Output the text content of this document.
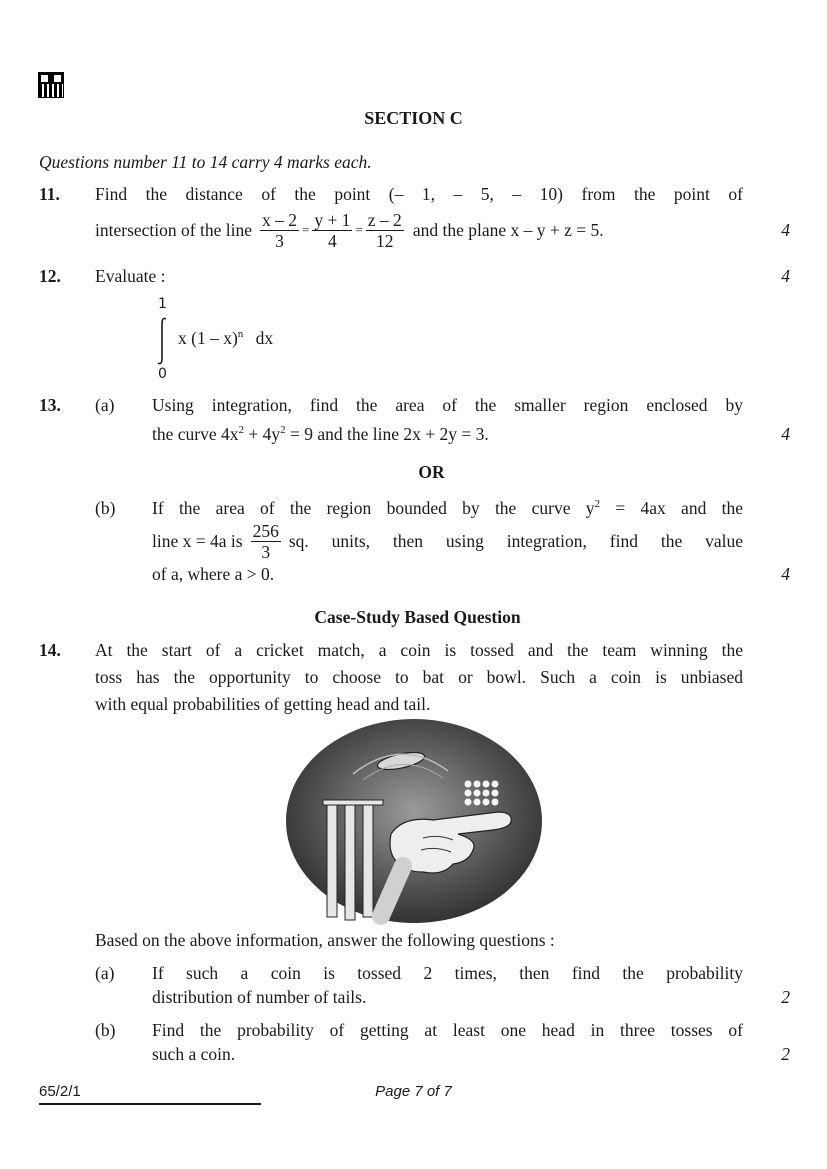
SECTION C
Questions number 11 to 14 carry 4 marks each.
11. Find the distance of the point (– 1, – 5, – 10) from the point of
intersection of the line $\frac{x - 2}{3} = \frac{y + 1}{4} = \frac{z - 2}{12}$ and the plane x – y + z = 5.	4
12. Evaluate :	4
1
0
x (1 – x)$^n$ dx
13. (a) Using integration, find the area of the smaller region enclosed by
the curve $4x^2 + 4y^2 = 9$ and the line 2x + 2y = 3.	4
OR
(b) If the area of the region bounded by the curve $y^2 = 4ax$ and the
line x = 4a is $\frac{256}{3}$ sq. units, then using integration, find the value
of a, where a > 0.	4
Case-Study Based Question
14. At the start of a cricket match, a coin is tossed and the team winning the
toss has the opportunity to choose to bat or bowl. Such a coin is unbiased
with equal probabilities of getting head and tail.
Based on the above information, answer the following questions :
(a) If such a coin is tossed 2 times, then find the probability
distribution of number of tails.	2
(b) Find the probability of getting at least one head in three tosses of
such a coin.	2
65/2/1	Page 7 of 7
